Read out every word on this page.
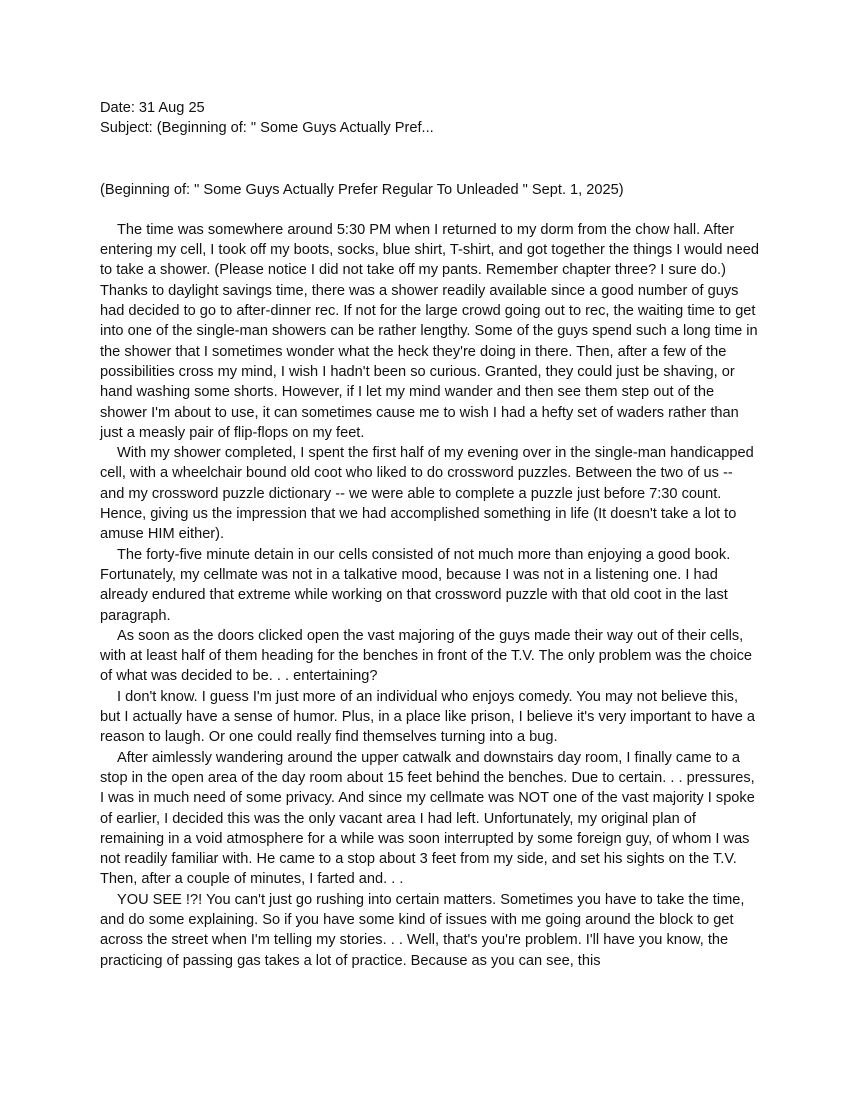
Date: 31 Aug 25

Subject: (Beginning of: " Some Guys Actually Pref...

(Beginning of: " Some Guys Actually Prefer Regular To Unleaded " Sept. 1, 2025)

The time was somewhere around 5:30 PM when I returned to my dorm from the chow hall. After entering my cell, I took off my boots, socks, blue shirt, T-shirt, and got together the things I would need to take a shower. (Please notice I did not take off my pants. Remember chapter three? I sure do.) Thanks to daylight savings time, there was a shower readily available since a good number of guys had decided to go to after-dinner rec. If not for the large crowd going out to rec, the waiting time to get into one of the single-man showers can be rather lengthy. Some of the guys spend such a long time in the shower that I sometimes wonder what the heck they're doing in there. Then, after a few of the possibilities cross my mind, I wish I hadn't been so curious. Granted, they could just be shaving, or hand washing some shorts. However, if I let my mind wander and then see them step out of the shower I'm about to use, it can sometimes cause me to wish I had a hefty set of waders rather than just a measly pair of flip-flops on my feet.

With my shower completed, I spent the first half of my evening over in the single-man handicapped cell, with a wheelchair bound old coot who liked to do crossword puzzles. Between the two of us -- and my crossword puzzle dictionary -- we were able to complete a puzzle just before 7:30 count. Hence, giving us the impression that we had accomplished something in life (It doesn't take a lot to amuse HIM either).

The forty-five minute detain in our cells consisted of not much more than enjoying a good book. Fortunately, my cellmate was not in a talkative mood, because I was not in a listening one. I had already endured that extreme while working on that crossword puzzle with that old coot in the last paragraph.

As soon as the doors clicked open the vast majoring of the guys made their way out of their cells, with at least half of them heading for the benches in front of the T.V. The only problem was the choice of what was decided to be. . . entertaining?

I don't know. I guess I'm just more of an individual who enjoys comedy. You may not believe this, but I actually have a sense of humor. Plus, in a place like prison, I believe it's very important to have a reason to laugh. Or one could really find themselves turning into a bug.

After aimlessly wandering around the upper catwalk and downstairs day room, I finally came to a stop in the open area of the day room about 15 feet behind the benches. Due to certain. . . pressures, I was in much need of some privacy. And since my cellmate was NOT one of the vast majority I spoke of earlier, I decided this was the only vacant area I had left. Unfortunately, my original plan of remaining in a void atmosphere for a while was soon interrupted by some foreign guy, of whom I was not readily familiar with. He came to a stop about 3 feet from my side, and set his sights on the T.V. Then, after a couple of minutes, I farted and. . .

YOU SEE !?! You can't just go rushing into certain matters. Sometimes you have to take the time, and do some explaining. So if you have some kind of issues with me going around the block to get across the street when I'm telling my stories. . . Well, that's you're problem. I'll have you know, the practicing of passing gas takes a lot of practice. Because as you can see, this
